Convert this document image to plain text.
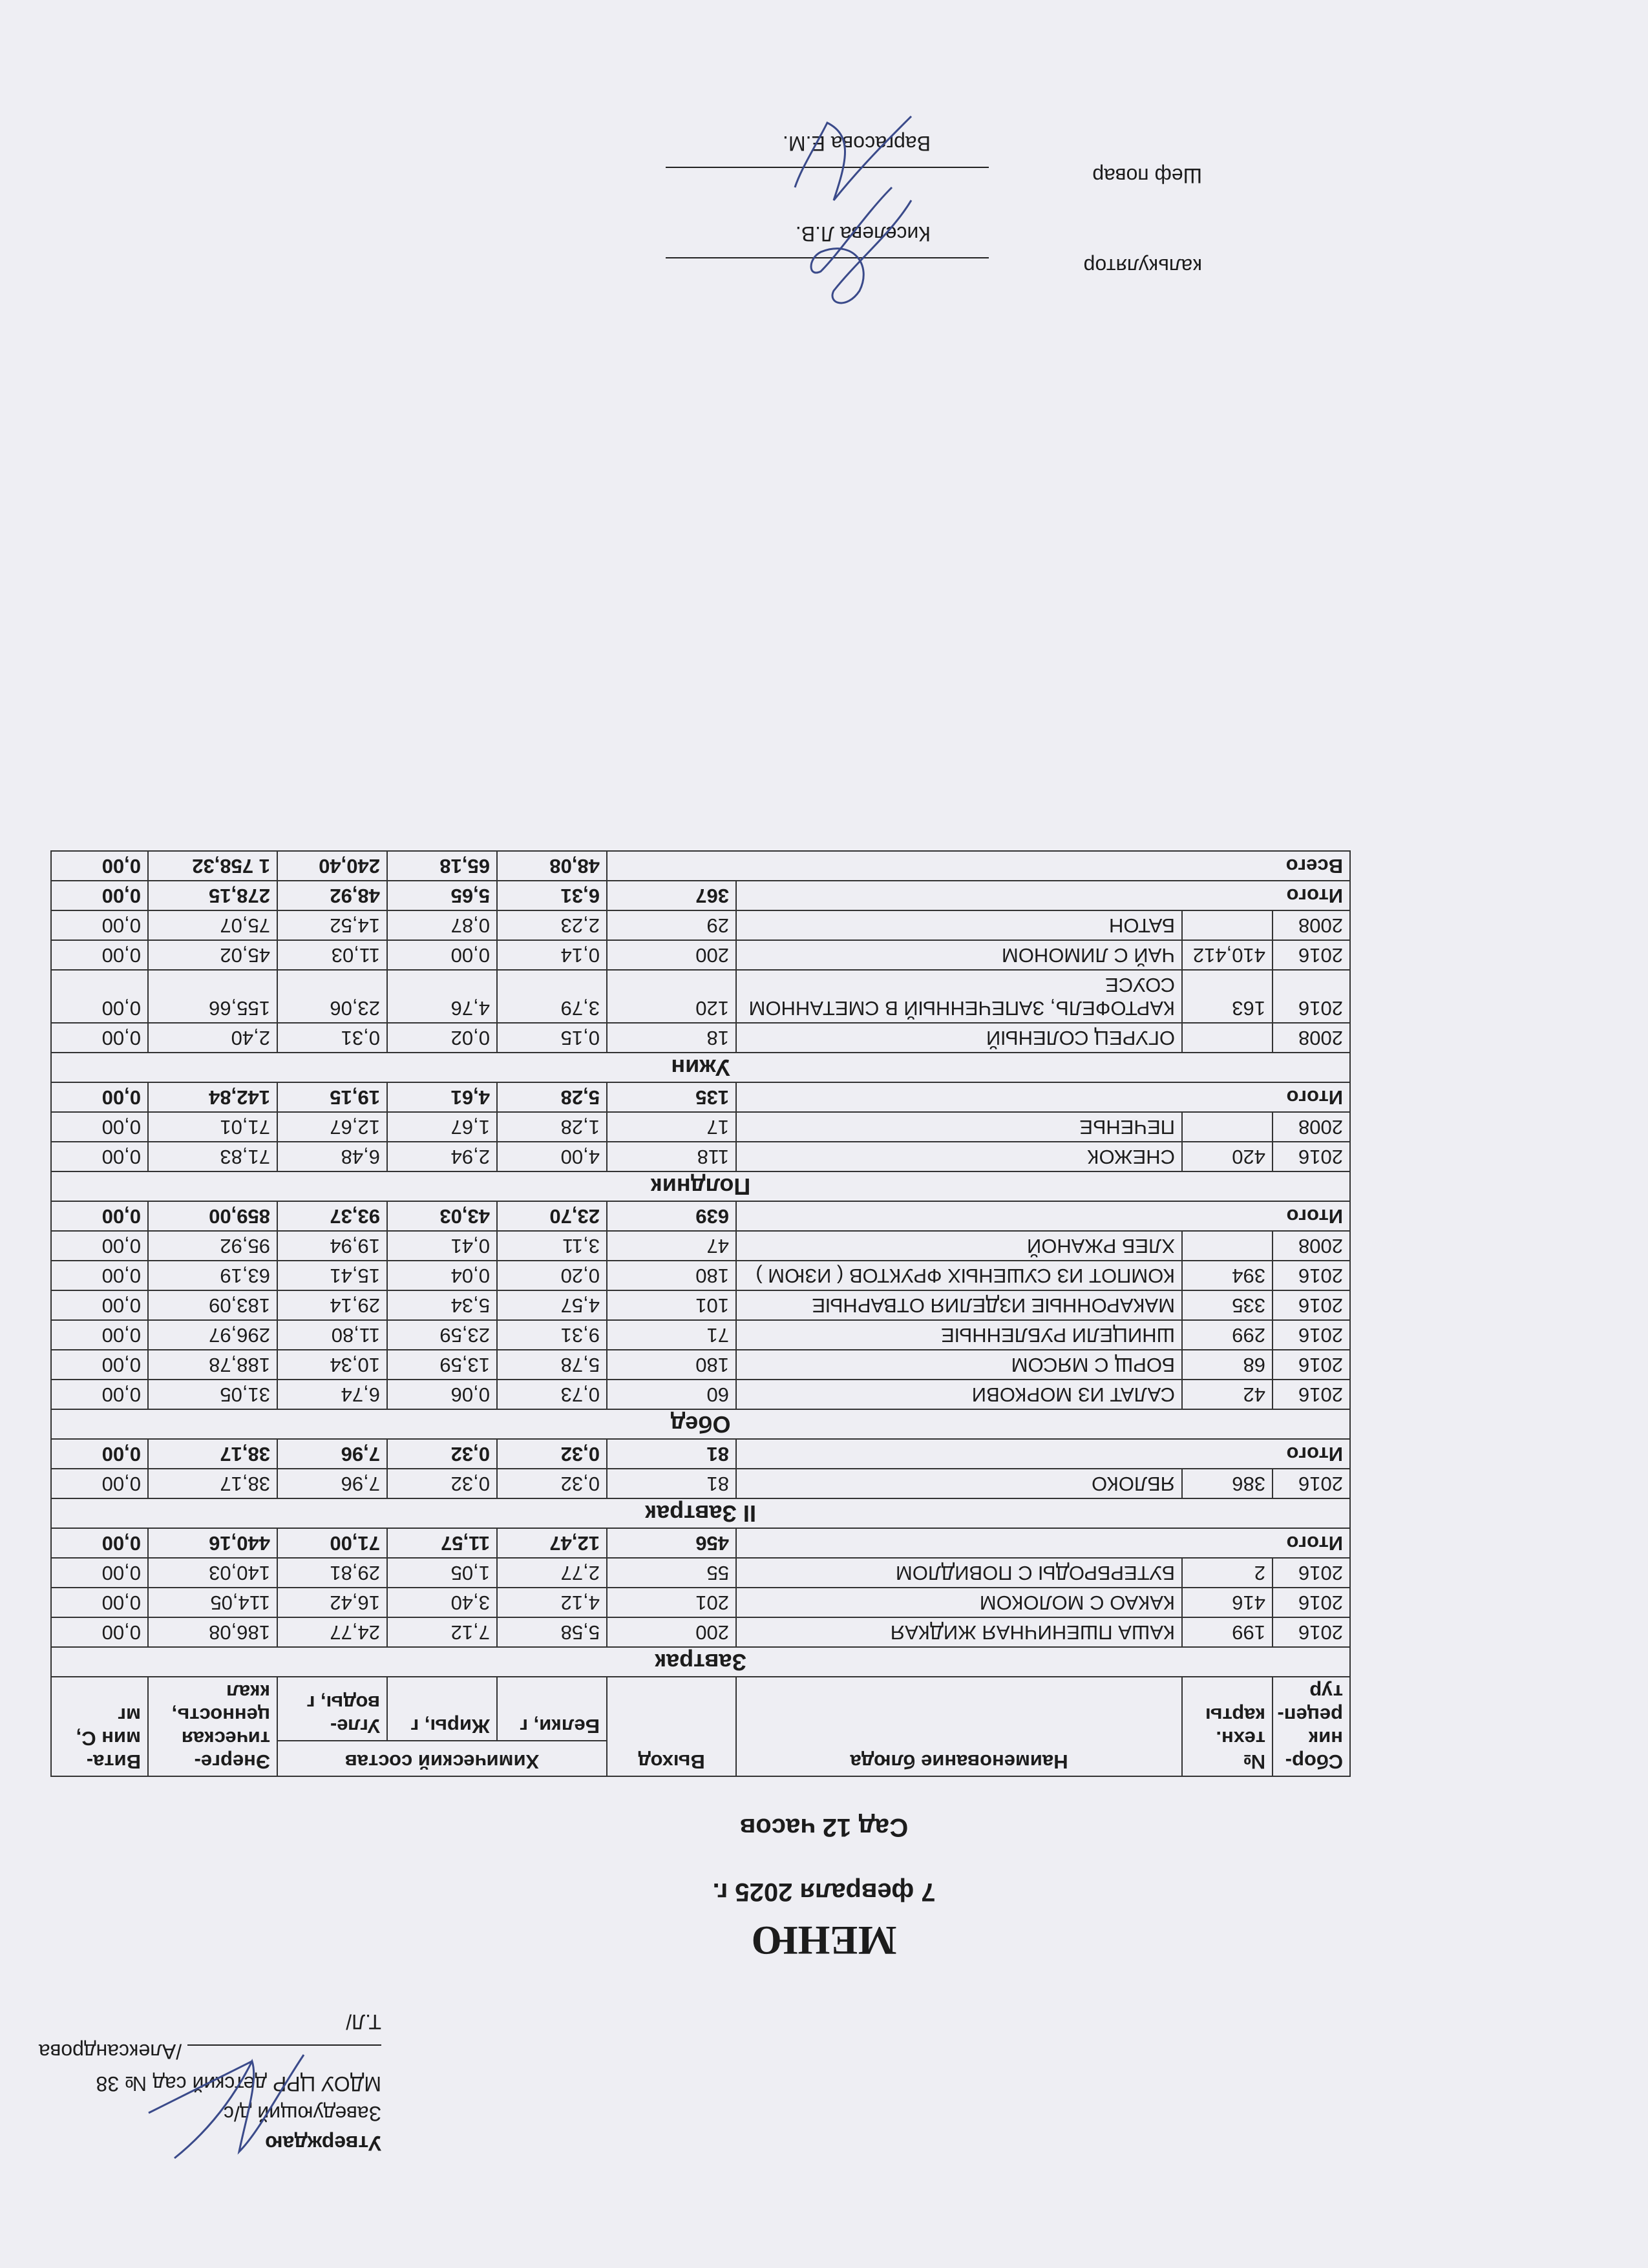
Утверждаю
Заведующий д/с
МДОУ ЦРР детский сад № 38
/Александрова Т.Л/
МЕНЮ
7 февраля 2025 г.
Сад 12 часов
Сбор-ник рецеп-тур	№ техн. карты	Наименование блюда	Выход	Химический состав			Энерге-тическая ценность, ккал	Вита-мин С, мг
				Белки, г	Жиры, г	Угле-воды, г		
Завтрак								
2016	199	КАША ПШЕНИЧНАЯ ЖИДКАЯ	200	5,58	7,12	24,77	186,08	0,00
2016	416	КАКАО С МОЛОКОМ	201	4,12	3,40	16,42	114,05	0,00
2016	2	БУТЕРБРОДЫ С ПОВИДЛОМ	55	2,77	1,05	29,81	140,03	0,00
Итого			456	12,47	11,57	71,00	440,16	0,00
II Завтрак								
2016	386	ЯБЛОКО	81	0,32	0,32	7,96	38,17	0,00
Итого			81	0,32	0,32	7,96	38,17	0,00
Обед								
2016	42	САЛАТ ИЗ МОРКОВИ	60	0,73	0,06	6,74	31,05	0,00
2016	68	БОРЩ С МЯСОМ	180	5,78	13,59	10,34	188,78	0,00
2016	299	ШНИЦЕЛИ РУБЛЕННЫЕ	71	9,31	23,59	11,80	296,97	0,00
2016	335	МАКАРОННЫЕ ИЗДЕЛИЯ ОТВАРНЫЕ	101	4,57	5,34	29,14	183,09	0,00
2016	394	КОМПОТ ИЗ СУШЕНЫХ ФРУКТОВ ( ИЗЮМ )	180	0,20	0,04	15,41	63,19	0,00
2008		ХЛЕБ РЖАНОЙ	47	3,11	0,41	19,94	95,92	0,00
Итого			639	23,70	43,03	93,37	859,00	0,00
Полдник								
2016	420	СНЕЖОК	118	4,00	2,94	6,48	71,83	0,00
2008		ПЕЧЕНЬЕ	17	1,28	1,67	12,67	71,01	0,00
Итого			135	5,28	4,61	19,15	142,84	0,00
Ужин								
2008		ОГУРЕЦ СОЛЕНЫЙ	18	0,15	0,02	0,31	2,40	0,00
2016	163	КАРТОФЕЛЬ, ЗАПЕЧЕННЫЙ В СМЕТАННОМ СОУСЕ	120	3,79	4,76	23,06	155,66	0,00
2016	410,412	ЧАЙ С ЛИМОНОМ	200	0,14	0,00	11,03	45,02	0,00
2008		БАТОН	29	2,23	0,87	14,52	75,07	0,00
Итого			367	6,31	5,65	48,92	278,15	0,00
Всего				48,08	65,18	240,40	1 758,32	0,00
калькулятор
Киселева Л.В.
Шеф повар
Варгасова Е.М.
